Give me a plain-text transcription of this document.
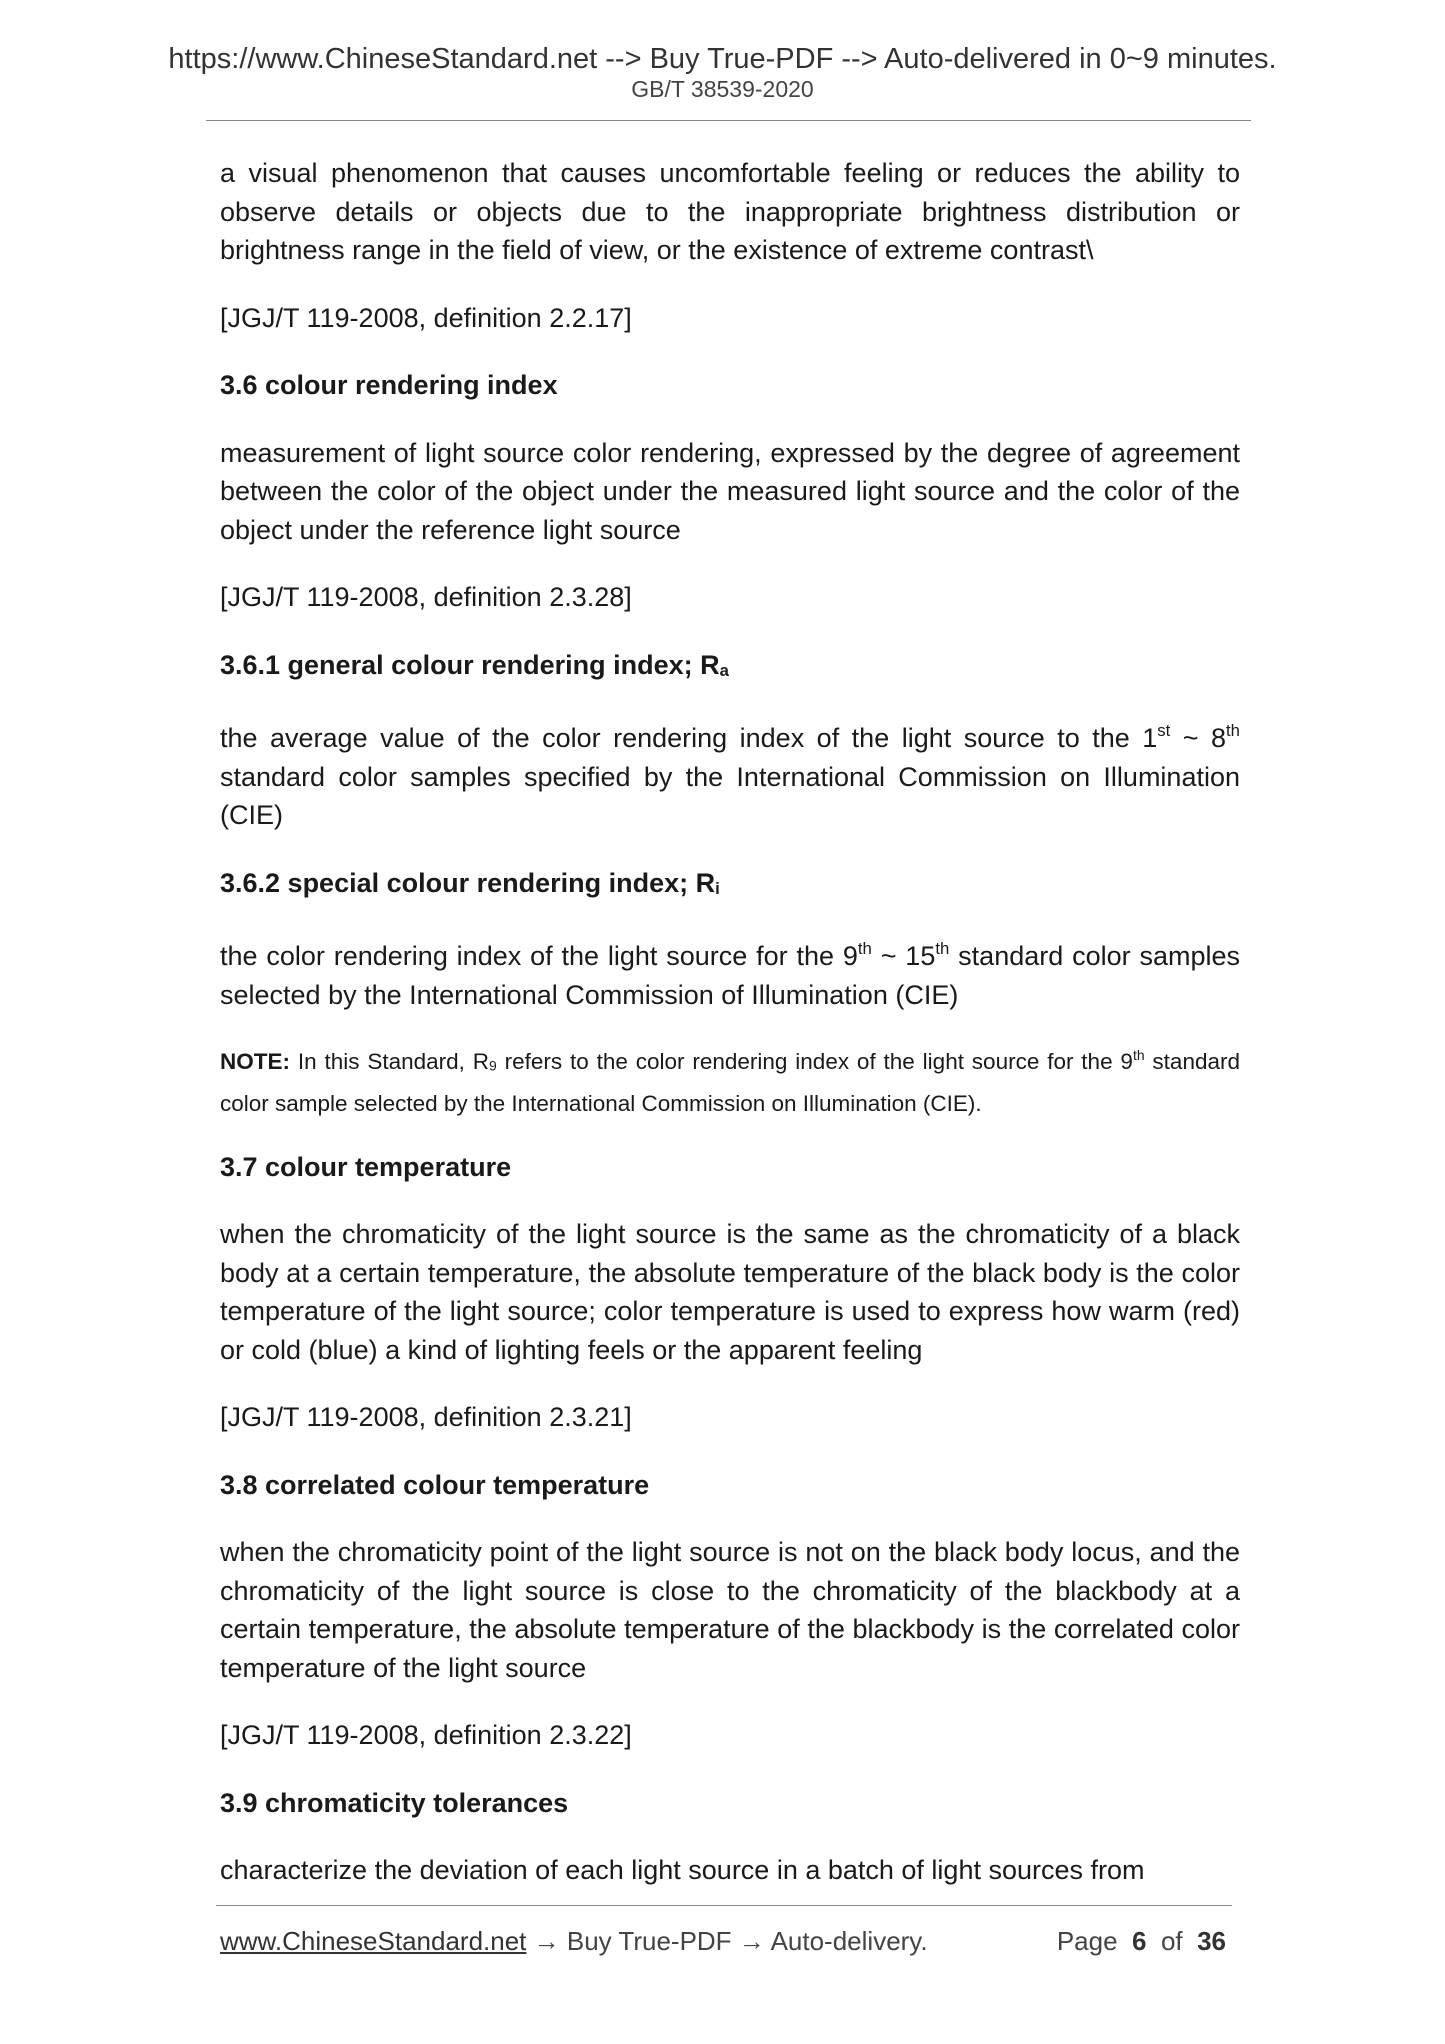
https://www.ChineseStandard.net --> Buy True-PDF --> Auto-delivered in 0~9 minutes.
GB/T 38539-2020

a visual phenomenon that causes uncomfortable feeling or reduces the ability to observe details or objects due to the inappropriate brightness distribution or brightness range in the field of view, or the existence of extreme contrast\

[JGJ/T 119-2008, definition 2.2.17]

3.6 colour rendering index

measurement of light source color rendering, expressed by the degree of agreement between the color of the object under the measured light source and the color of the object under the reference light source

[JGJ/T 119-2008, definition 2.3.28]

3.6.1 general colour rendering index; Ra

the average value of the color rendering index of the light source to the 1st ~ 8th standard color samples specified by the International Commission on Illumination (CIE)

3.6.2 special colour rendering index; Ri

the color rendering index of the light source for the 9th ~ 15th standard color samples selected by the International Commission of Illumination (CIE)

NOTE: In this Standard, R9 refers to the color rendering index of the light source for the 9th standard color sample selected by the International Commission on Illumination (CIE).

3.7 colour temperature

when the chromaticity of the light source is the same as the chromaticity of a black body at a certain temperature, the absolute temperature of the black body is the color temperature of the light source; color temperature is used to express how warm (red) or cold (blue) a kind of lighting feels or the apparent feeling

[JGJ/T 119-2008, definition 2.3.21]

3.8 correlated colour temperature

when the chromaticity point of the light source is not on the black body locus, and the chromaticity of the light source is close to the chromaticity of the blackbody at a certain temperature, the absolute temperature of the blackbody is the correlated color temperature of the light source

[JGJ/T 119-2008, definition 2.3.22]

3.9 chromaticity tolerances

characterize the deviation of each light source in a batch of light sources from

www.ChineseStandard.net → Buy True-PDF → Auto-delivery.	Page 6 of 36
